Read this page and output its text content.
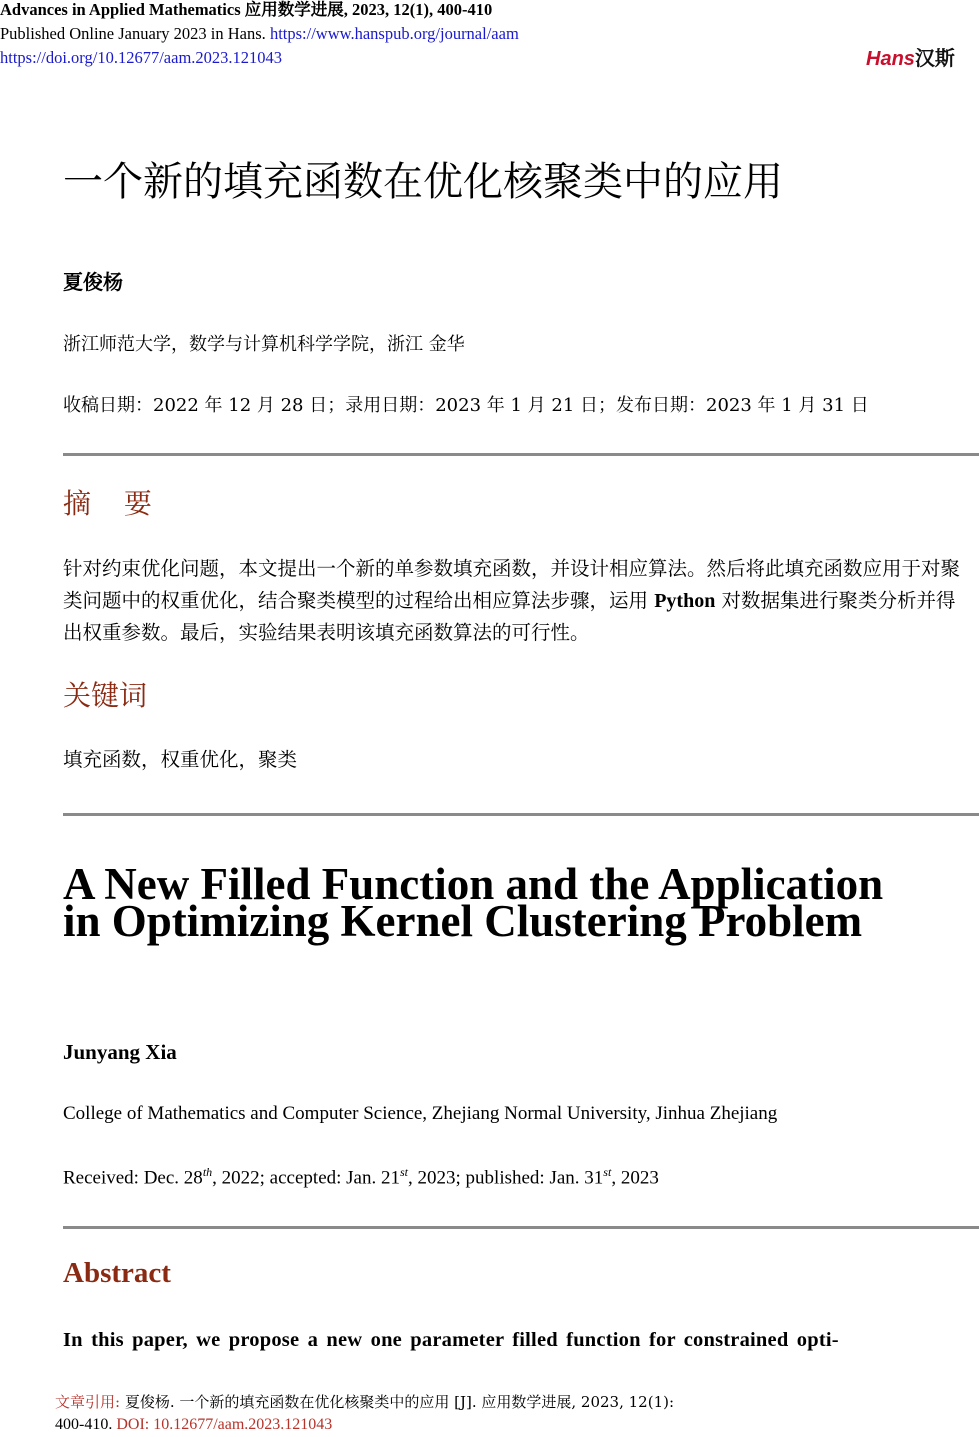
Advances in Applied Mathematics 应用数学进展, 2023, 12(1), 400-410
Published Online January 2023 in Hans. https://www.hanspub.org/journal/aam
https://doi.org/10.12677/aam.2023.121043	Hans汉斯
一个新的填充函数在优化核聚类中的应用
夏俊杨
浙江师范大学，数学与计算机科学学院，浙江 金华
收稿日期：2022 年 12 月 28 日；录用日期：2023 年 1 月 21 日；发布日期：2023 年 1 月 31 日
摘 要
针对约束优化问题，本文提出一个新的单参数填充函数，并设计相应算法。然后将此填充函数应用于对聚类问题中的权重优化，结合聚类模型的过程给出相应算法步骤，运用 Python 对数据集进行聚类分析并得出权重参数。最后，实验结果表明该填充函数算法的可行性。
关键词
填充函数，权重优化，聚类
A New Filled Function and the Application in Optimizing Kernel Clustering Problem
Junyang Xia
College of Mathematics and Computer Science, Zhejiang Normal University, Jinhua Zhejiang
Received: Dec. 28th, 2022; accepted: Jan. 21st, 2023; published: Jan. 31st, 2023
Abstract
In this paper, we propose a new one parameter filled function for constrained opti-
文章引用: 夏俊杨. 一个新的填充函数在优化核聚类中的应用 [J]. 应用数学进展, 2023, 12(1):
400-410. DOI: 10.12677/aam.2023.121043
